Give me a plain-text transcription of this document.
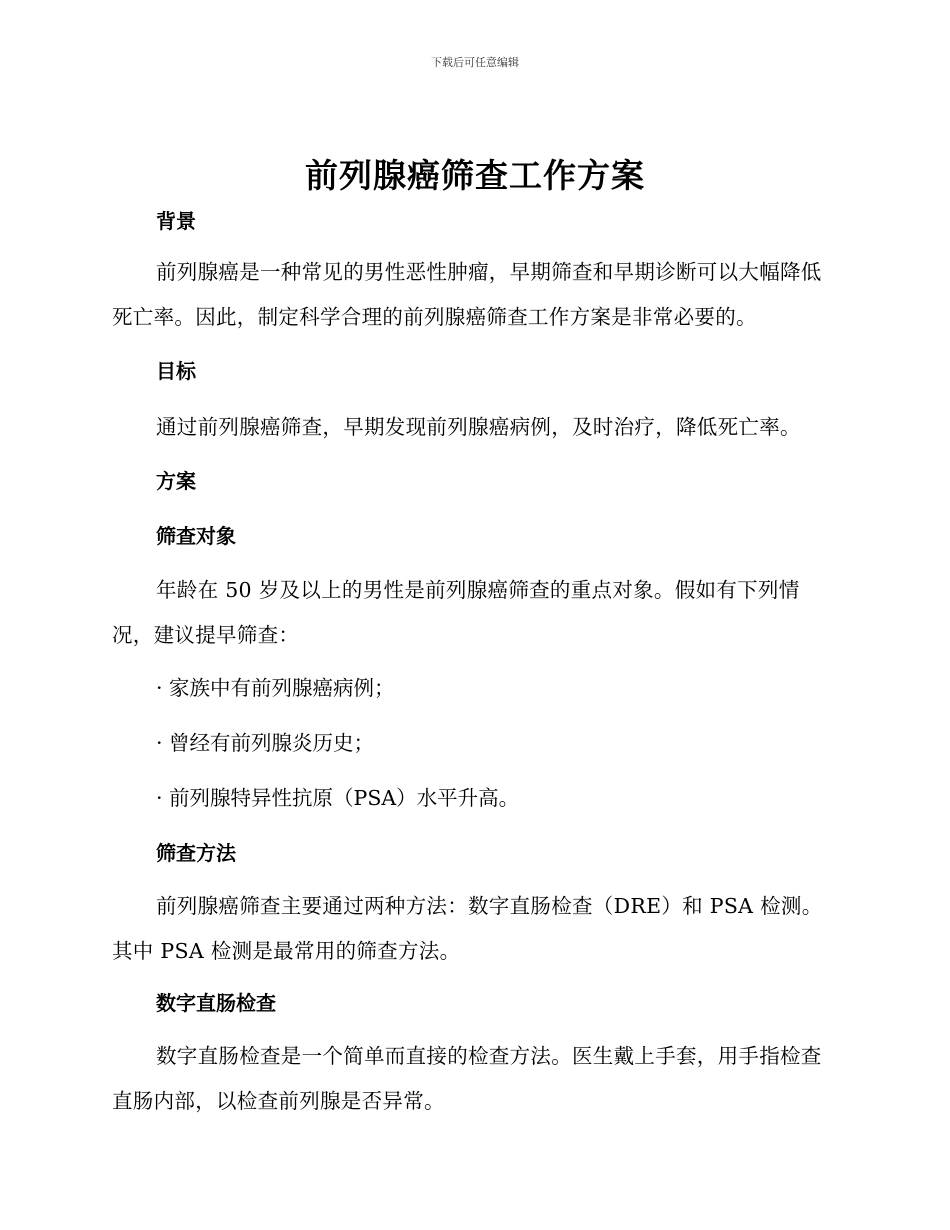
下载后可任意编辑
前列腺癌筛查工作方案
背景
前列腺癌是一种常见的男性恶性肿瘤，早期筛查和早期诊断可以大幅降低死亡率。因此，制定科学合理的前列腺癌筛查工作方案是非常必要的。
目标
通过前列腺癌筛查，早期发现前列腺癌病例，及时治疗，降低死亡率。
方案
筛查对象
年龄在 50 岁及以上的男性是前列腺癌筛查的重点对象。假如有下列情况，建议提早筛查：
· 家族中有前列腺癌病例；
· 曾经有前列腺炎历史；
· 前列腺特异性抗原（PSA）水平升高。
筛查方法
前列腺癌筛查主要通过两种方法：数字直肠检查（DRE）和 PSA 检测。其中 PSA 检测是最常用的筛查方法。
数字直肠检查
数字直肠检查是一个简单而直接的检查方法。医生戴上手套，用手指检查直肠内部，以检查前列腺是否异常。
